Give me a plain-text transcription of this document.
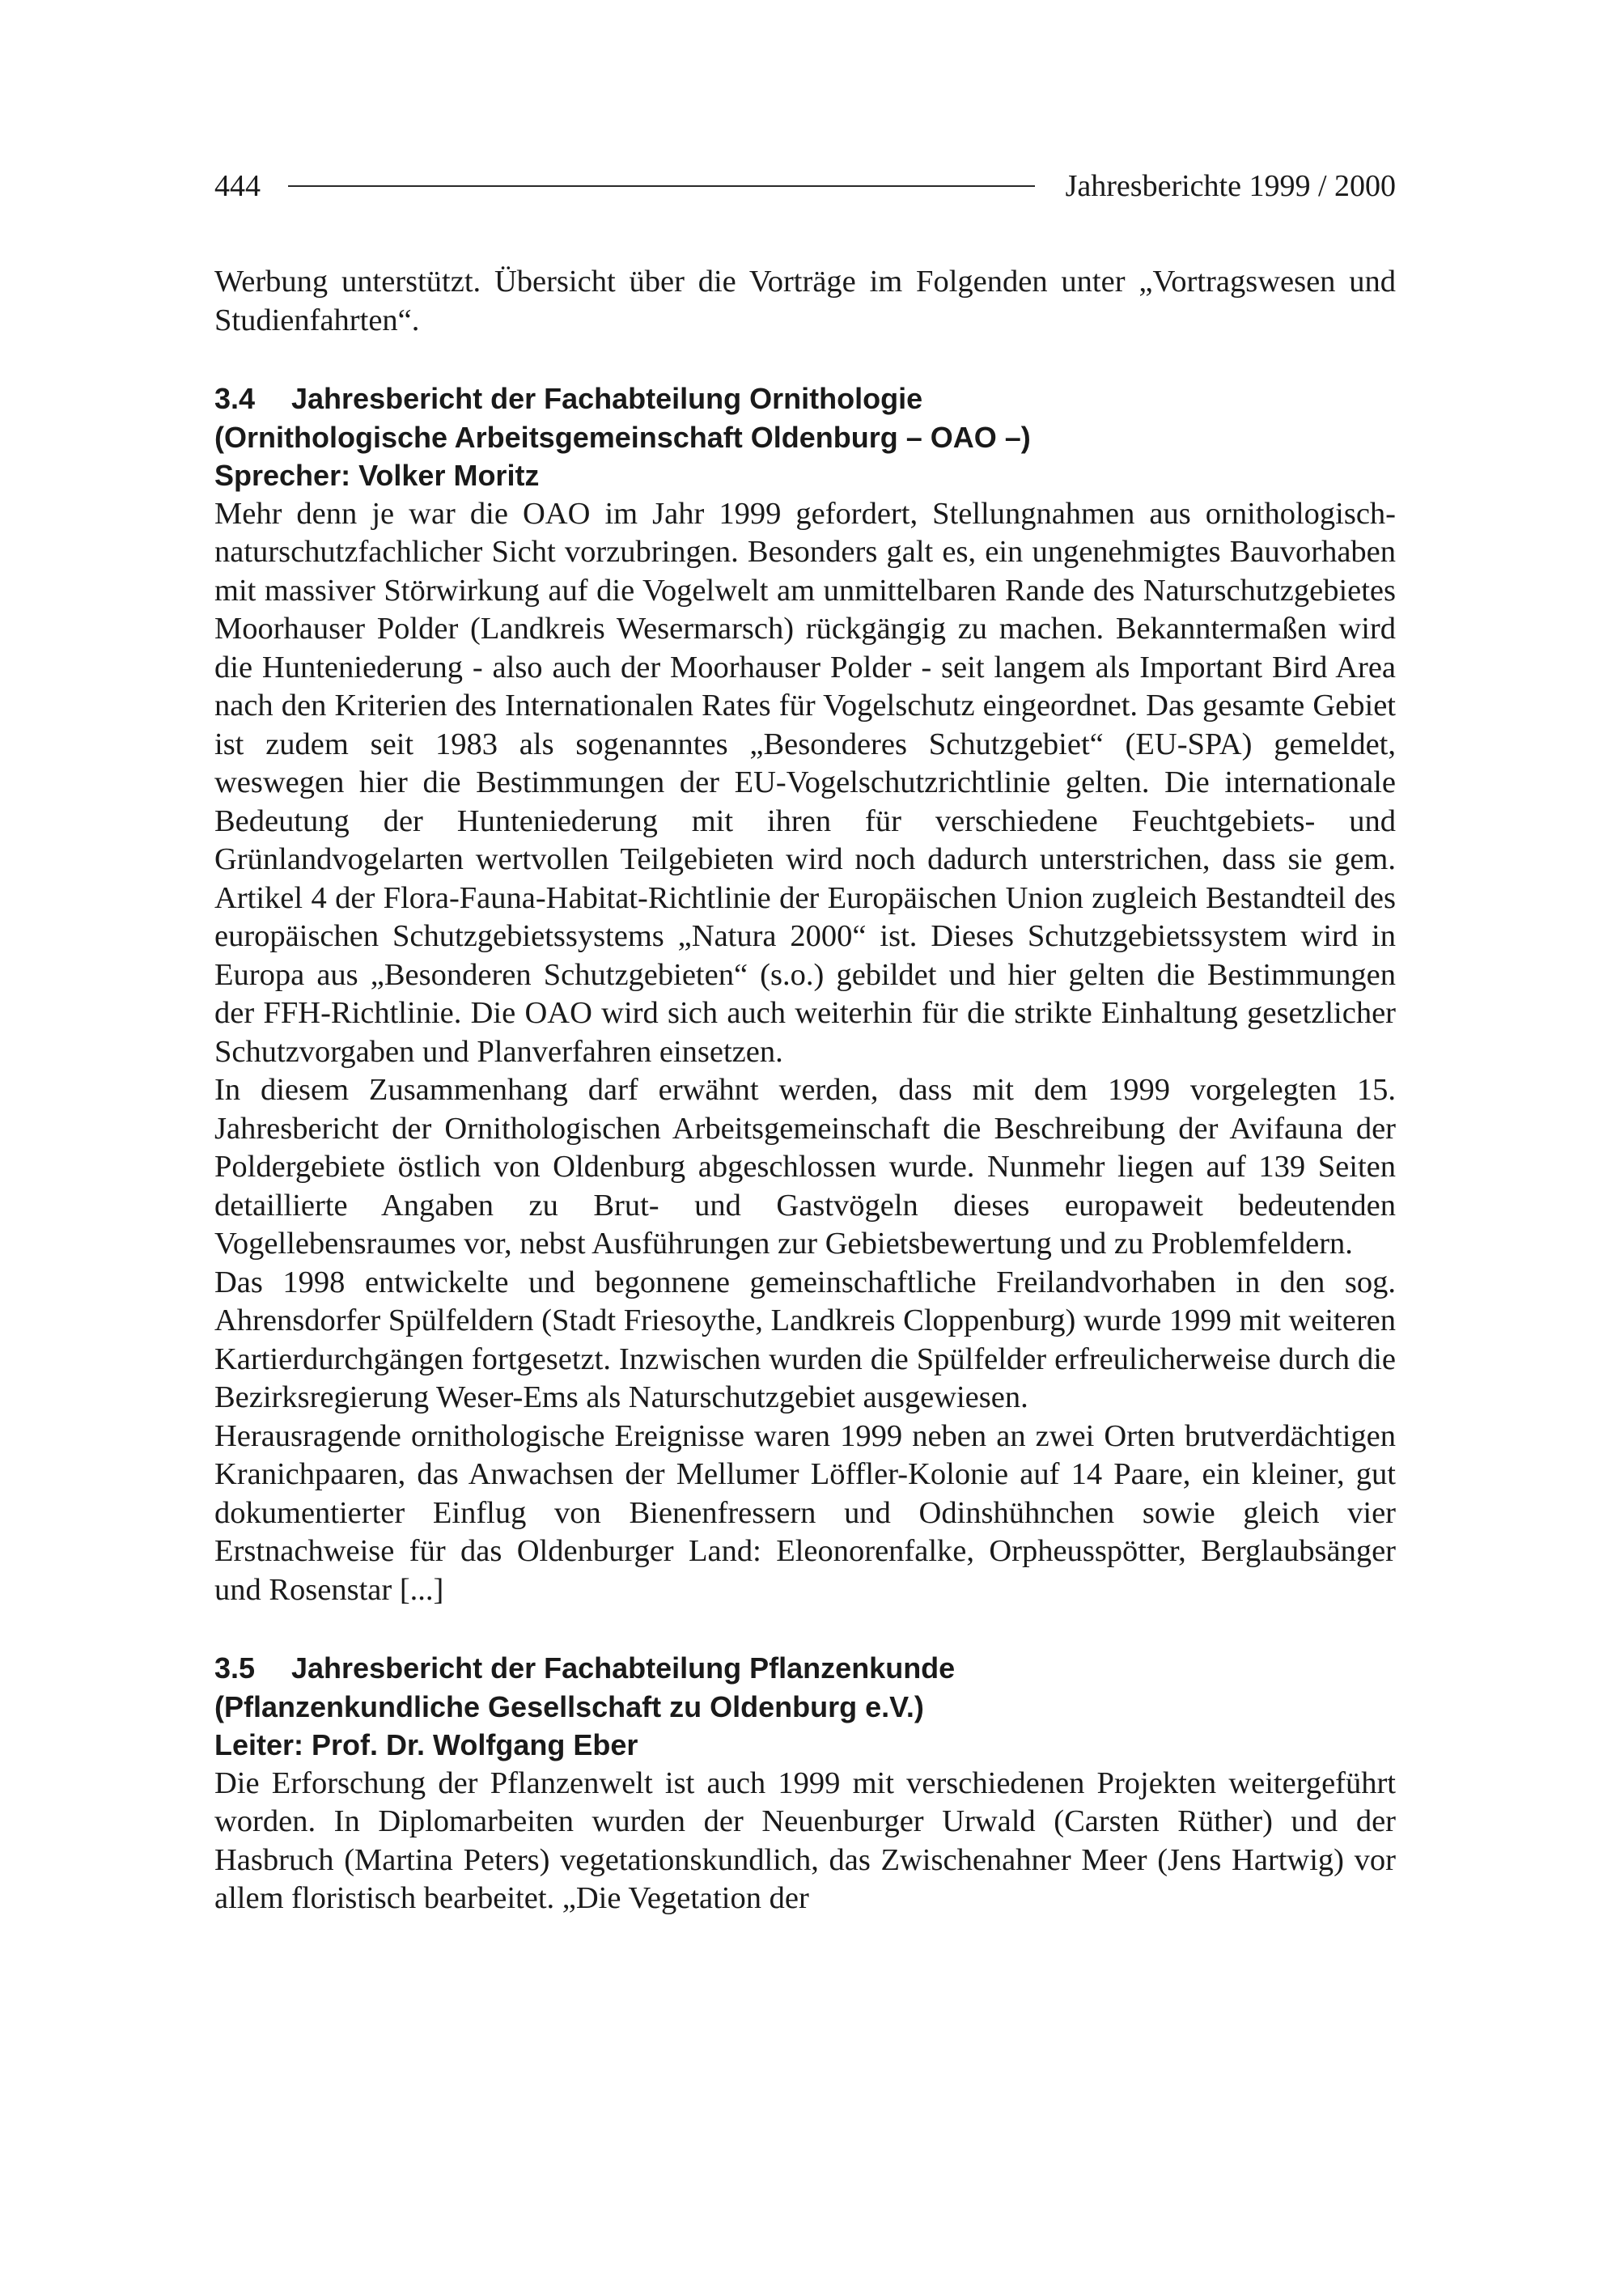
444	Jahresberichte 1999 / 2000

Werbung unterstützt. Übersicht über die Vorträge im Folgenden unter „Vortragswesen und Studienfahrten“.

3.4 Jahresbericht der Fachabteilung Ornithologie
(Ornithologische Arbeitsgemeinschaft Oldenburg – OAO –)
Sprecher: Volker Moritz

Mehr denn je war die OAO im Jahr 1999 gefordert, Stellungnahmen aus ornithologisch-naturschutzfachlicher Sicht vorzubringen. Besonders galt es, ein ungenehmigtes Bauvorhaben mit massiver Störwirkung auf die Vogelwelt am unmittelbaren Rande des Naturschutzgebietes Moorhauser Polder (Landkreis Wesermarsch) rückgängig zu machen. Bekanntermaßen wird die Hunteniederung - also auch der Moorhauser Polder - seit langem als Important Bird Area nach den Kriterien des Internationalen Rates für Vogelschutz eingeordnet. Das gesamte Gebiet ist zudem seit 1983 als sogenanntes „Besonderes Schutzgebiet“ (EU-SPA) gemeldet, weswegen hier die Bestimmungen der EU-Vogelschutzrichtlinie gelten. Die internationale Bedeutung der Hunteniederung mit ihren für verschiedene Feuchtgebiets- und Grünlandvogelarten wertvollen Teilgebieten wird noch dadurch unterstrichen, dass sie gem. Artikel 4 der Flora-Fauna-Habitat-Richtlinie der Europäischen Union zugleich Bestandteil des europäischen Schutzgebietssystems „Natura 2000“ ist. Dieses Schutzgebietssystem wird in Europa aus „Besonderen Schutzgebieten“ (s.o.) gebildet und hier gelten die Bestimmungen der FFH-Richtlinie. Die OAO wird sich auch weiterhin für die strikte Einhaltung gesetzlicher Schutzvorgaben und Planverfahren einsetzen.

In diesem Zusammenhang darf erwähnt werden, dass mit dem 1999 vorgelegten 15. Jahresbericht der Ornithologischen Arbeitsgemeinschaft die Beschreibung der Avifauna der Poldergebiete östlich von Oldenburg abgeschlossen wurde. Nunmehr liegen auf 139 Seiten detaillierte Angaben zu Brut- und Gastvögeln dieses europaweit bedeutenden Vogellebensraumes vor, nebst Ausführungen zur Gebietsbewertung und zu Problemfeldern.

Das 1998 entwickelte und begonnene gemeinschaftliche Freilandvorhaben in den sog. Ahrensdorfer Spülfeldern (Stadt Friesoythe, Landkreis Cloppenburg) wurde 1999 mit weiteren Kartierdurchgängen fortgesetzt. Inzwischen wurden die Spülfelder erfreulicherweise durch die Bezirksregierung Weser-Ems als Naturschutzgebiet ausgewiesen.

Herausragende ornithologische Ereignisse waren 1999 neben an zwei Orten brutverdächtigen Kranichpaaren, das Anwachsen der Mellumer Löffler-Kolonie auf 14 Paare, ein kleiner, gut dokumentierter Einflug von Bienenfressern und Odinshühnchen sowie gleich vier Erstnachweise für das Oldenburger Land: Eleonorenfalke, Orpheusspötter, Berglaubsänger und Rosenstar [...]

3.5 Jahresbericht der Fachabteilung Pflanzenkunde
(Pflanzenkundliche Gesellschaft zu Oldenburg e.V.)
Leiter: Prof. Dr. Wolfgang Eber

Die Erforschung der Pflanzenwelt ist auch 1999 mit verschiedenen Projekten weitergeführt worden. In Diplomarbeiten wurden der Neuenburger Urwald (Carsten Rüther) und der Hasbruch (Martina Peters) vegetationskundlich, das Zwischenahner Meer (Jens Hartwig) vor allem floristisch bearbeitet. „Die Vegetation der
